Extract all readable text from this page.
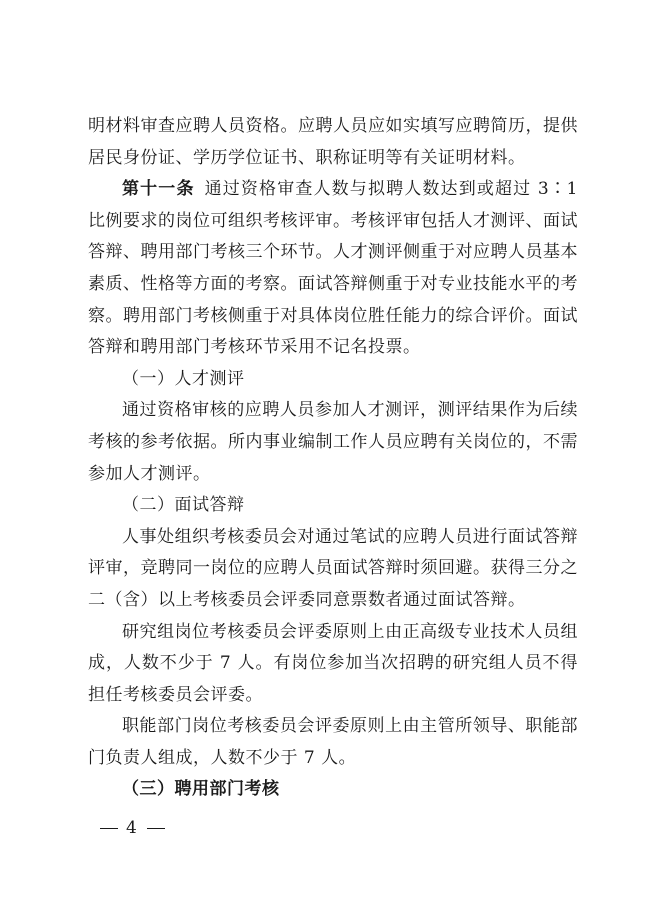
明材料审查应聘人员资格。应聘人员应如实填写应聘简历，提供居民身份证、学历学位证书、职称证明等有关证明材料。

第十一条 通过资格审查人数与拟聘人数达到或超过 3∶1 比例要求的岗位可组织考核评审。考核评审包括人才测评、面试答辩、聘用部门考核三个环节。人才测评侧重于对应聘人员基本素质、性格等方面的考察。面试答辩侧重于对专业技能水平的考察。聘用部门考核侧重于对具体岗位胜任能力的综合评价。面试答辩和聘用部门考核环节采用不记名投票。

（一）人才测评

通过资格审核的应聘人员参加人才测评，测评结果作为后续考核的参考依据。所内事业编制工作人员应聘有关岗位的，不需参加人才测评。

（二）面试答辩

人事处组织考核委员会对通过笔试的应聘人员进行面试答辩评审，竞聘同一岗位的应聘人员面试答辩时须回避。获得三分之二（含）以上考核委员会评委同意票数者通过面试答辩。

研究组岗位考核委员会评委原则上由正高级专业技术人员组成，人数不少于 7 人。有岗位参加当次招聘的研究组人员不得担任考核委员会评委。

职能部门岗位考核委员会评委原则上由主管所领导、职能部门负责人组成，人数不少于 7 人。

（三）聘用部门考核

4
